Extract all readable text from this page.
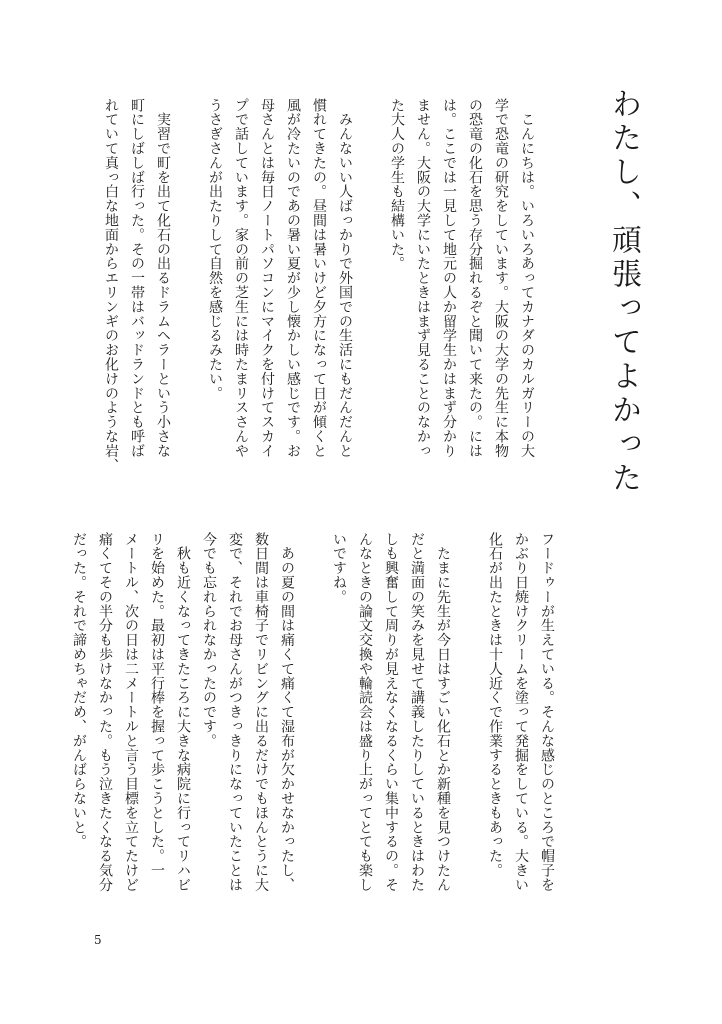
わたし、頑張ってよかった
　こんにちは。いろいろあってカナダのカルガリーの大
学で恐竜の研究をしています。大阪の大学の先生に本物
の恐竜の化石を思う存分掘れるぞと聞いて来たの。には
は。ここでは一見して地元の人か留学生かはまず分かり
ません。大阪の大学にいたときはまず見ることのなかっ
た大人の学生も結構いた。
　みんないい人ばっかりで外国での生活にもだんだんと
慣れてきたの。昼間は暑いけど夕方になって日が傾くと
風が冷たいのであの暑い夏が少し懐かしい感じです。お
母さんとは毎日ノートパソコンにマイクを付けてスカイ
プで話しています。家の前の芝生には時たまリスさんや
うさぎさんが出たりして自然を感じるみたい。
　実習で町を出て化石の出るドラムヘラーという小さな
町にしばしば行った。その一帯はバッドランドとも呼ば
れていて真っ白な地面からエリンギのお化けのような岩、
フードゥーが生えている。そんな感じのところで帽子を
かぶり日焼けクリームを塗って発掘をしている。大きい
化石が出たときは十人近くで作業するときもあった。
　たまに先生が今日はすごい化石とか新種を見つけたん
だと満面の笑みを見せて講義したりしているときはわた
しも興奮して周りが見えなくなるくらい集中するの。そ
んなときの論文交換や輪読会は盛り上がってとても楽し
いですね。
　あの夏の間は痛くて痛くて湿布が欠かせなかったし、
数日間は車椅子でリビングに出るだけでもほんとうに大
変で、それでお母さんがつきっきりになっていたことは
今でも忘れられなかったのです。
　秋も近くなってきたころに大きな病院に行ってリハビ
リを始めた。最初は平行棒を握って歩こうとした。一
メートル、次の日は二メートルと言う目標を立てたけど
痛くてその半分も歩けなかった。もう泣きたくなる気分
だった。それで諦めちゃだめ、がんばらないと。
5
